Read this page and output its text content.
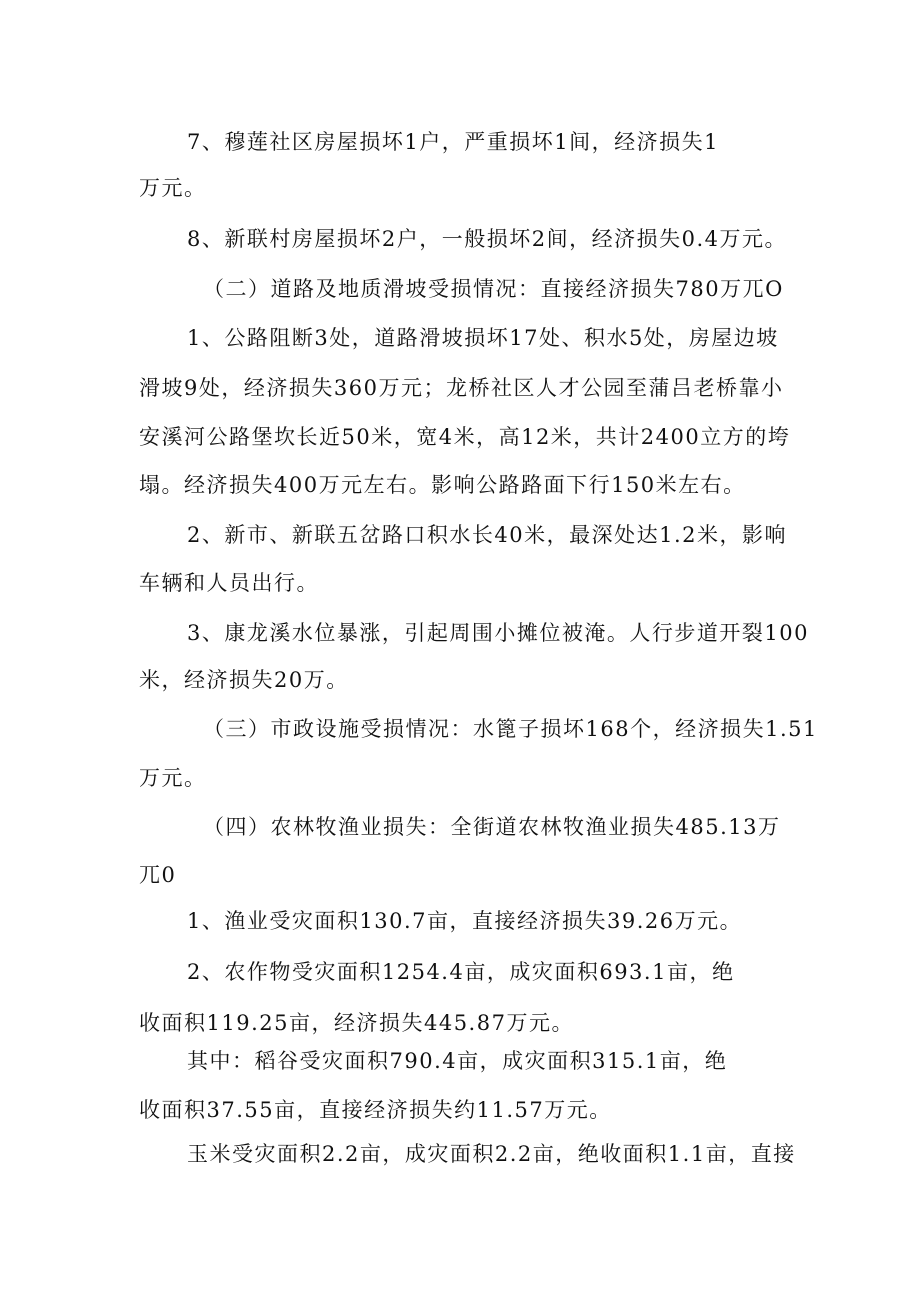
7、穆莲社区房屋损坏1户，严重损坏1间，经济损失1
万元。
8、新联村房屋损坏2户，一般损坏2间，经济损失0.4万元。
（二）道路及地质滑坡受损情况：直接经济损失780万兀O
1、公路阻断3处，道路滑坡损坏17处、积水5处，房屋边坡
滑坡9处，经济损失360万元；龙桥社区人才公园至蒲吕老桥靠小
安溪河公路堡坎长近50米，宽4米，高12米，共计2400立方的垮
塌。经济损失400万元左右。影响公路路面下行150米左右。
2、新市、新联五岔路口积水长40米，最深处达1.2米，影响
车辆和人员出行。
3、康龙溪水位暴涨，引起周围小摊位被淹。人行步道开裂100
米，经济损失20万。
（三）市政设施受损情况：水篦子损坏168个，经济损失1.51
万元。
（四）农林牧渔业损失：全街道农林牧渔业损失485.13万
兀0
1、渔业受灾面积130.7亩，直接经济损失39.26万元。
2、农作物受灾面积1254.4亩，成灾面积693.1亩，绝
收面积119.25亩，经济损失445.87万元。
其中：稻谷受灾面积790.4亩，成灾面积315.1亩，绝
收面积37.55亩，直接经济损失约11.57万元。
玉米受灾面积2.2亩，成灾面积2.2亩，绝收面积1.1亩，直接
